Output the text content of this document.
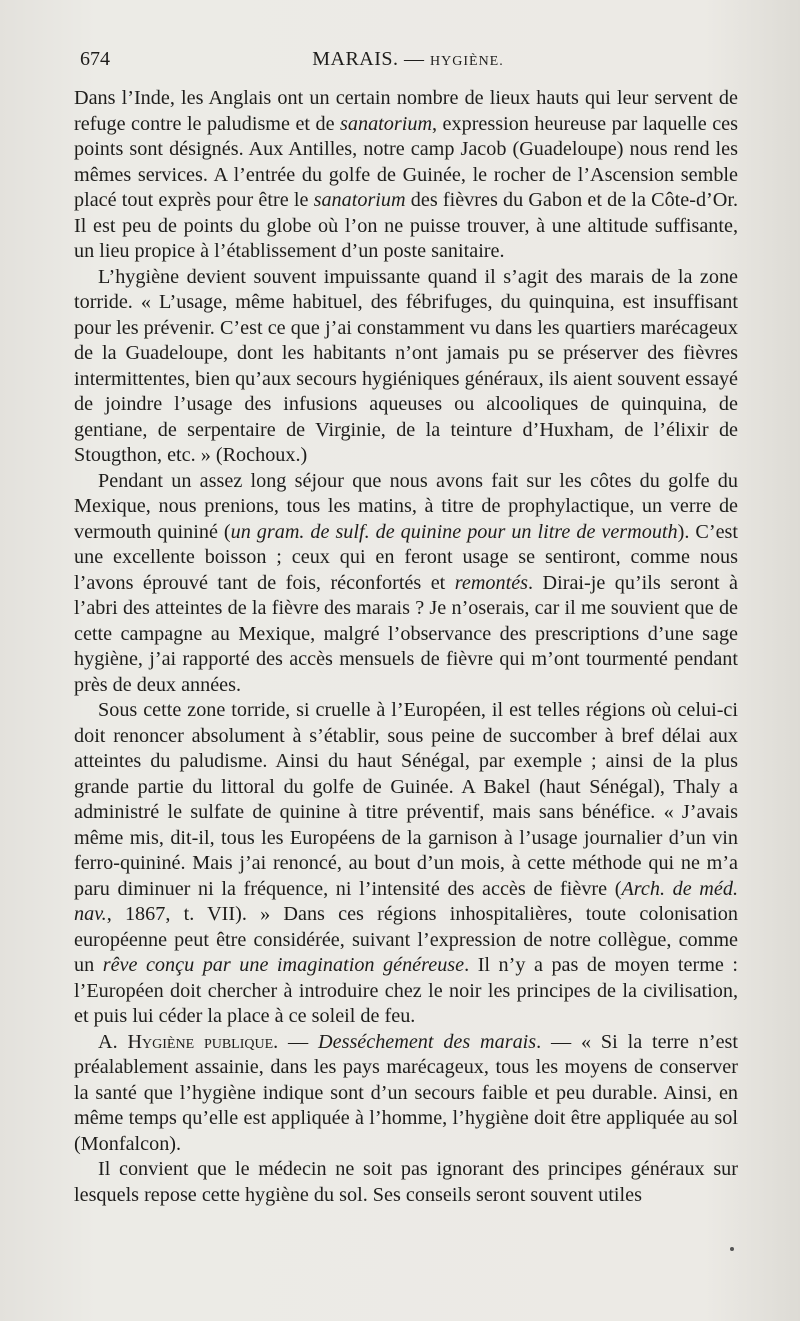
674	MARAIS. — HYGIÈNE.

Dans l’Inde, les Anglais ont un certain nombre de lieux hauts qui leur servent de refuge contre le paludisme et de sanatorium, expression heureuse par laquelle ces points sont désignés. Aux Antilles, notre camp Jacob (Guadeloupe) nous rend les mêmes services. A l’entrée du golfe de Guinée, le rocher de l’Ascension semble placé tout exprès pour être le sanatorium des fièvres du Gabon et de la Côte-d’Or. Il est peu de points du globe où l’on ne puisse trouver, à une altitude suffisante, un lieu propice à l’établissement d’un poste sanitaire.

L’hygiène devient souvent impuissante quand il s’agit des marais de la zone torride. « L’usage, même habituel, des fébrifuges, du quinquina, est insuffisant pour les prévenir. C’est ce que j’ai constamment vu dans les quartiers marécageux de la Guadeloupe, dont les habitants n’ont jamais pu se préserver des fièvres intermittentes, bien qu’aux secours hygiéniques généraux, ils aient souvent essayé de joindre l’usage des infusions aqueuses ou alcooliques de quinquina, de gentiane, de serpentaire de Virginie, de la teinture d’Huxham, de l’élixir de Stougthon, etc. » (Rochoux.)

Pendant un assez long séjour que nous avons fait sur les côtes du golfe du Mexique, nous prenions, tous les matins, à titre de prophylactique, un verre de vermouth quininé (un gram. de sulf. de quinine pour un litre de vermouth). C’est une excellente boisson ; ceux qui en feront usage se sentiront, comme nous l’avons éprouvé tant de fois, réconfortés et remontés. Dirai-je qu’ils seront à l’abri des atteintes de la fièvre des marais ? Je n’oserais, car il me souvient que de cette campagne au Mexique, malgré l’observance des prescriptions d’une sage hygiène, j’ai rapporté des accès mensuels de fièvre qui m’ont tourmenté pendant près de deux années.

Sous cette zone torride, si cruelle à l’Européen, il est telles régions où celui-ci doit renoncer absolument à s’établir, sous peine de succomber à bref délai aux atteintes du paludisme. Ainsi du haut Sénégal, par exemple ; ainsi de la plus grande partie du littoral du golfe de Guinée. A Bakel (haut Sénégal), Thaly a administré le sulfate de quinine à titre préventif, mais sans bénéfice. « J’avais même mis, dit-il, tous les Européens de la garnison à l’usage journalier d’un vin ferro-quininé. Mais j’ai renoncé, au bout d’un mois, à cette méthode qui ne m’a paru diminuer ni la fréquence, ni l’intensité des accès de fièvre (Arch. de méd. nav., 1867, t. VII). » Dans ces régions inhospitalières, toute colonisation européenne peut être considérée, suivant l’expression de notre collègue, comme un rêve conçu par une imagination généreuse. Il n’y a pas de moyen terme : l’Européen doit chercher à introduire chez le noir les principes de la civilisation, et puis lui céder la place à ce soleil de feu.

A. Hygiène publique. — Desséchement des marais. — « Si la terre n’est préalablement assainie, dans les pays marécageux, tous les moyens de conserver la santé que l’hygiène indique sont d’un secours faible et peu durable. Ainsi, en même temps qu’elle est appliquée à l’homme, l’hygiène doit être appliquée au sol (Monfalcon).

Il convient que le médecin ne soit pas ignorant des principes généraux sur lesquels repose cette hygiène du sol. Ses conseils seront souvent utiles
